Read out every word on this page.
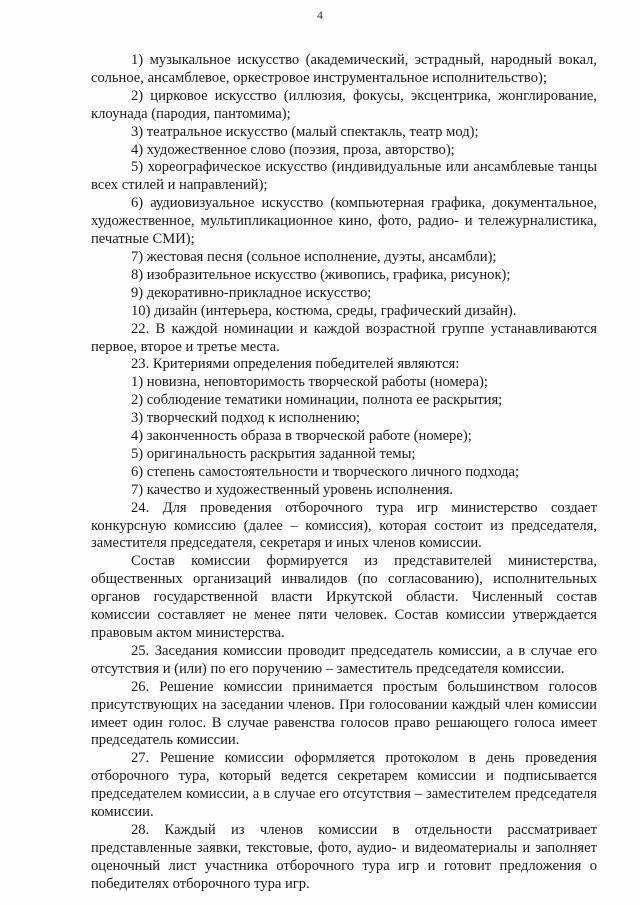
4

1) музыкальное искусство (академический, эстрадный, народный вокал, сольное, ансамблевое, оркестровое инструментальное исполнительство);

2) цирковое искусство (иллюзия, фокусы, эксцентрика, жонглирование, клоунада (пародия, пантомима);

3) театральное искусство (малый спектакль, театр мод);

4) художественное слово (поэзия, проза, авторство);

5) хореографическое искусство (индивидуальные или ансамблевые танцы всех стилей и направлений);

6) аудиовизуальное искусство (компьютерная графика, документальное, художественное, мультипликационное кино, фото, радио- и тележурналистика, печатные СМИ);

7) жестовая песня (сольное исполнение, дуэты, ансамбли);

8) изобразительное искусство (живопись, графика, рисунок);

9) декоративно-прикладное искусство;

10) дизайн (интерьера, костюма, среды, графический дизайн).

22. В каждой номинации и каждой возрастной группе устанавливаются первое, второе и третье места.

23. Критериями определения победителей являются:

1) новизна, неповторимость творческой работы (номера);

2) соблюдение тематики номинации, полнота ее раскрытия;

3) творческий подход к исполнению;

4) законченность образа в творческой работе (номере);

5) оригинальность раскрытия заданной темы;

6) степень самостоятельности и творческого личного подхода;

7) качество и художественный уровень исполнения.

24. Для проведения отборочного тура игр министерство создает конкурсную комиссию (далее – комиссия), которая состоит из председателя, заместителя председателя, секретаря и иных членов комиссии.

Состав комиссии формируется из представителей министерства, общественных организаций инвалидов (по согласованию), исполнительных органов государственной власти Иркутской области. Численный состав комиссии составляет не менее пяти человек. Состав комиссии утверждается правовым актом министерства.

25. Заседания комиссии проводит председатель комиссии, а в случае его отсутствия и (или) по его поручению – заместитель председателя комиссии.

26. Решение комиссии принимается простым большинством голосов присутствующих на заседании членов. При голосовании каждый член комиссии имеет один голос. В случае равенства голосов право решающего голоса имеет председатель комиссии.

27. Решение комиссии оформляется протоколом в день проведения отборочного тура, который ведется секретарем комиссии и подписывается председателем комиссии, а в случае его отсутствия – заместителем председателя комиссии.

28. Каждый из членов комиссии в отдельности рассматривает представленные заявки, текстовые, фото, аудио- и видеоматериалы и заполняет оценочный лист участника отборочного тура игр и готовит предложения о победителях отборочного тура игр.
